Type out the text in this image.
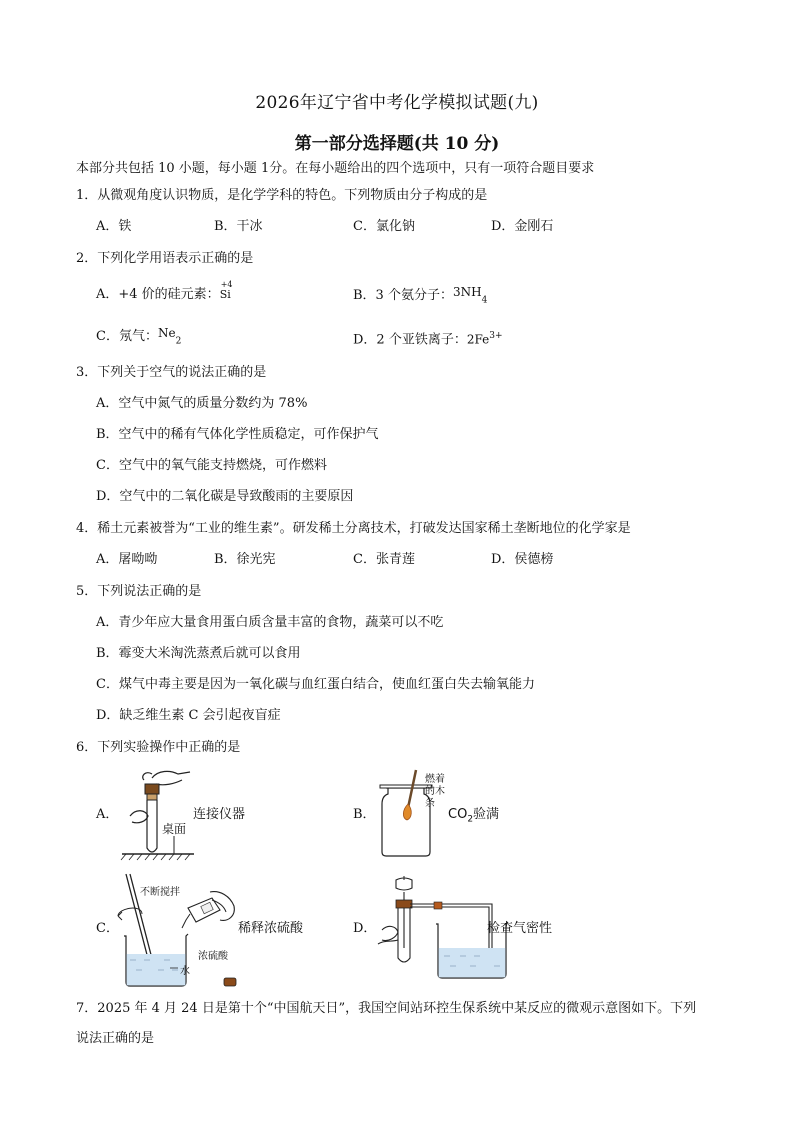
2026年辽宁省中考化学模拟试题(九)
第一部分选择题(共 10 分)
本部分共包括 10 小题，每小题 1分。在每小题给出的四个选项中，只有一项符合题目要求
1．从微观角度认识物质，是化学学科的特色。下列物质由分子构成的是
A．铁	B．干冰	C．氯化钠	D．金刚石
2．下列化学用语表示正确的是
A．+4 价的硅元素：
+4
Si	B．3 个氨分子：$3NH_4$
C．氖气：$Ne_2$	D．2 个亚铁离子：$2Fe^{3+}$
3．下列关于空气的说法正确的是
A．空气中氮气的质量分数约为 78%
B．空气中的稀有气体化学性质稳定，可作保护气
C．空气中的氧气能支持燃烧，可作燃料
D．空气中的二氧化碳是导致酸雨的主要原因
4．稀土元素被誉为“工业的维生素”。研发稀土分离技术，打破发达国家稀土垄断地位的化学家是
A．屠呦呦	B．徐光宪	C．张青莲	D．侯德榜
5．下列说法正确的是
A．青少年应大量食用蛋白质含量丰富的食物，蔬菜可以不吃
B．霉变大米淘洗蒸煮后就可以食用
C．煤气中毒主要是因为一氧化碳与血红蛋白结合，使血红蛋白失去输氧能力
D．缺乏维生素 C 会引起夜盲症
6．下列实验操作中正确的是
A．
桌面
连接仪器	B．
燃着
的木
条
$CO_2$验满
C．
不断搅拌
浓硫酸
水
稀释浓硫酸	D．	检查气密性
7．2025 年 4 月 24 日是第十个“中国航天日”，我国空间站环控生保系统中某反应的微观示意图如下。下列
说法正确的是
